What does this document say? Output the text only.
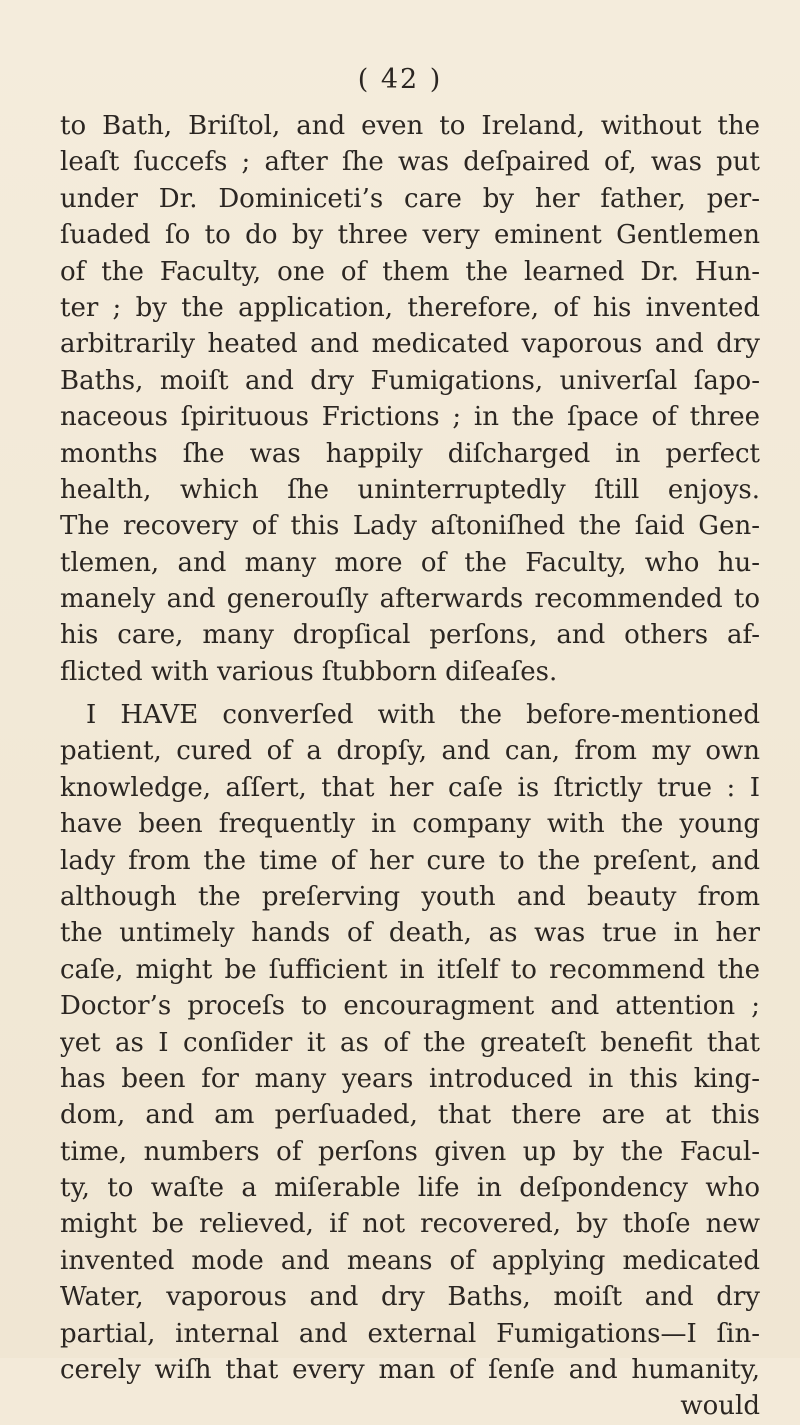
( 42 )
to Bath, Briſtol, and even to Ireland, without the
leaſt ſuccefs ; after ſhe was deſpaired of, was put
under Dr. Dominiceti’s care by her father, per-
ſuaded ſo to do by three very eminent Gentlemen
of the Faculty, one of them the learned Dr. Hun-
ter ; by the application, therefore, of his invented
arbitrarily heated and medicated vaporous and dry
Baths, moiſt and dry Fumigations, univerſal ſapo-
naceous ſpirituous Frictions ; in the ſpace of three
months ſhe was happily diſcharged in perfect
health, which ſhe uninterruptedly ſtill enjoys.
The recovery of this Lady aſtoniſhed the ſaid Gen-
tlemen, and many more of the Faculty, who hu-
manely and generouſly afterwards recommended to
his care, many dropſical perſons, and others af-
flicted with various ſtubborn diſeaſes.
I HAVE converſed with the before-mentioned
patient, cured of a dropſy, and can, from my own
knowledge, aſſert, that her caſe is ſtrictly true : I
have been frequently in company with the young
lady from the time of her cure to the preſent, and
although the preſerving youth and beauty from
the untimely hands of death, as was true in her
caſe, might be ſufficient in itſelf to recommend the
Doctor’s proceſs to encouragment and attention ;
yet as I conſider it as of the greateſt benefit that
has been for many years introduced in this king-
dom, and am perſuaded, that there are at this
time, numbers of perſons given up by the Facul-
ty, to waſte a miſerable life in deſpondency who
might be relieved, if not recovered, by thoſe new
invented mode and means of applying medicated
Water, vaporous and dry Baths, moiſt and dry
partial, internal and external Fumigations—I ſin-
cerely wiſh that every man of ſenſe and humanity,
would
